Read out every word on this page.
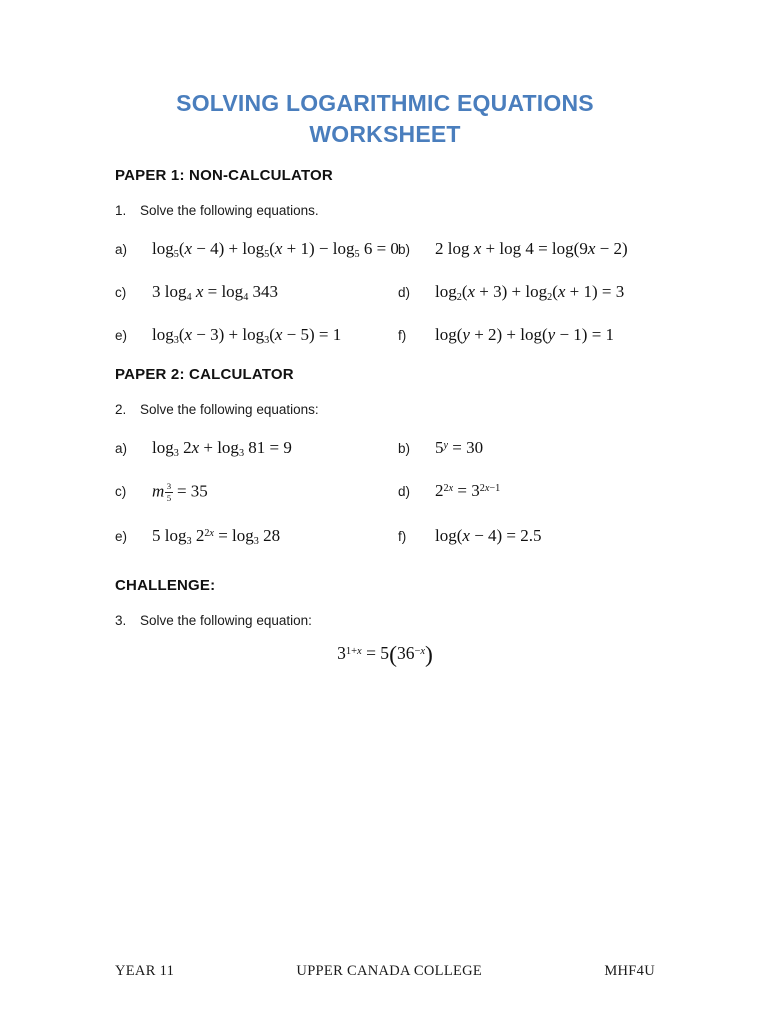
SOLVING LOGARITHMIC EQUATIONS
WORKSHEET
PAPER 1: NON-CALCULATOR

1. Solve the following equations.

a)	$\log_5(x - 4) + \log_5(x + 1) - \log_5 6 = 0$ b)	2 log x + log 4 = log(9x − 2)
c)	3 $\log_4 x = \log_4 343$	d)	$\log_2(x + 3) + \log_2(x + 1) = 3$
e)	$\log_3(x - 3) + \log_3(x - 5) = 1$	f)	log(y + 2) + log(y − 1) = 1
PAPER 2: CALCULATOR

2. Solve the following equations:

a)	$\log_3 2x + \log_3 81 = 9$	b)	$5^y = 30$
c)	m $\frac{3}{5} = 35$	d)	$2^{2x} = 3^{2x-1}$
e)	5 $\log_3 2^{2x} = \log_3 28$	f)	log(x − 4) = 2.5
CHALLENGE:

3. Solve the following equation:

$3^{1+x} = 5(36^{-x})$
YEAR 11	UPPER CANADA COLLEGE	MHF4U
